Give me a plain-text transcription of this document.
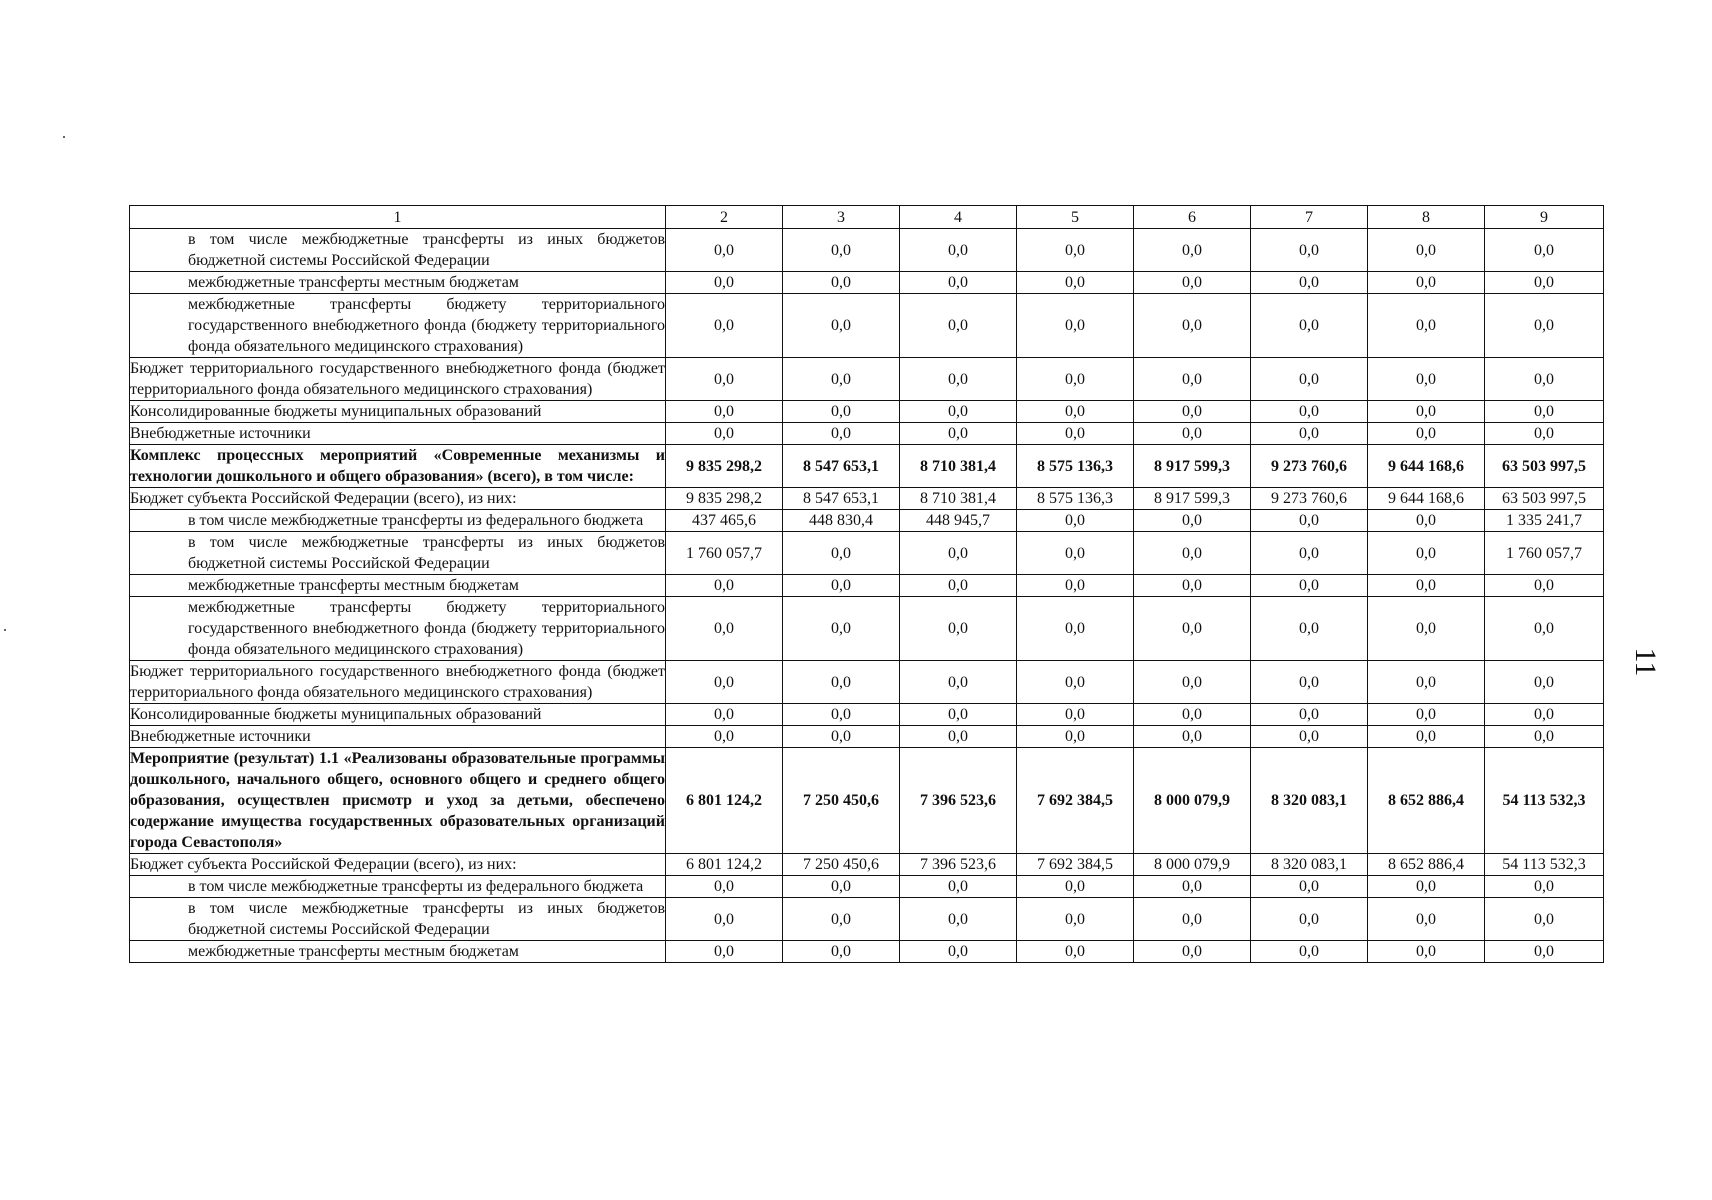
11
1	2	3	4	5	6	7	8	9
в том числе межбюджетные трансферты из иных бюджетов бюджетной системы Российской Федерации	0,0	0,0	0,0	0,0	0,0	0,0	0,0	0,0
межбюджетные трансферты местным бюджетам	0,0	0,0	0,0	0,0	0,0	0,0	0,0	0,0
межбюджетные трансферты бюджету территориального государственного внебюджетного фонда (бюджету территориального фонда обязательного медицинского страхования)	0,0	0,0	0,0	0,0	0,0	0,0	0,0	0,0
Бюджет территориального государственного внебюджетного фонда (бюджет территориального фонда обязательного медицинского страхования)	0,0	0,0	0,0	0,0	0,0	0,0	0,0	0,0
Консолидированные бюджеты муниципальных образований	0,0	0,0	0,0	0,0	0,0	0,0	0,0	0,0
Внебюджетные источники	0,0	0,0	0,0	0,0	0,0	0,0	0,0	0,0
Комплекс процессных мероприятий «Современные механизмы и технологии дошкольного и общего образования» (всего), в том числе:	9 835 298,2	8 547 653,1	8 710 381,4	8 575 136,3	8 917 599,3	9 273 760,6	9 644 168,6	63 503 997,5
Бюджет субъекта Российской Федерации (всего), из них:	9 835 298,2	8 547 653,1	8 710 381,4	8 575 136,3	8 917 599,3	9 273 760,6	9 644 168,6	63 503 997,5
в том числе межбюджетные трансферты из федерального бюджета	437 465,6	448 830,4	448 945,7	0,0	0,0	0,0	0,0	1 335 241,7
в том числе межбюджетные трансферты из иных бюджетов бюджетной системы Российской Федерации	1 760 057,7	0,0	0,0	0,0	0,0	0,0	0,0	1 760 057,7
межбюджетные трансферты местным бюджетам	0,0	0,0	0,0	0,0	0,0	0,0	0,0	0,0
межбюджетные трансферты бюджету территориального государственного внебюджетного фонда (бюджету территориального фонда обязательного медицинского страхования)	0,0	0,0	0,0	0,0	0,0	0,0	0,0	0,0
Бюджет территориального государственного внебюджетного фонда (бюджет территориального фонда обязательного медицинского страхования)	0,0	0,0	0,0	0,0	0,0	0,0	0,0	0,0
Консолидированные бюджеты муниципальных образований	0,0	0,0	0,0	0,0	0,0	0,0	0,0	0,0
Внебюджетные источники	0,0	0,0	0,0	0,0	0,0	0,0	0,0	0,0
Мероприятие (результат) 1.1 «Реализованы образовательные программы дошкольного, начального общего, основного общего и среднего общего образования, осуществлен присмотр и уход за детьми, обеспечено содержание имущества государственных образовательных организаций города Севастополя»	6 801 124,2	7 250 450,6	7 396 523,6	7 692 384,5	8 000 079,9	8 320 083,1	8 652 886,4	54 113 532,3
Бюджет субъекта Российской Федерации (всего), из них:	6 801 124,2	7 250 450,6	7 396 523,6	7 692 384,5	8 000 079,9	8 320 083,1	8 652 886,4	54 113 532,3
в том числе межбюджетные трансферты из федерального бюджета	0,0	0,0	0,0	0,0	0,0	0,0	0,0	0,0
в том числе межбюджетные трансферты из иных бюджетов бюджетной системы Российской Федерации	0,0	0,0	0,0	0,0	0,0	0,0	0,0	0,0
межбюджетные трансферты местным бюджетам	0,0	0,0	0,0	0,0	0,0	0,0	0,0	0,0
